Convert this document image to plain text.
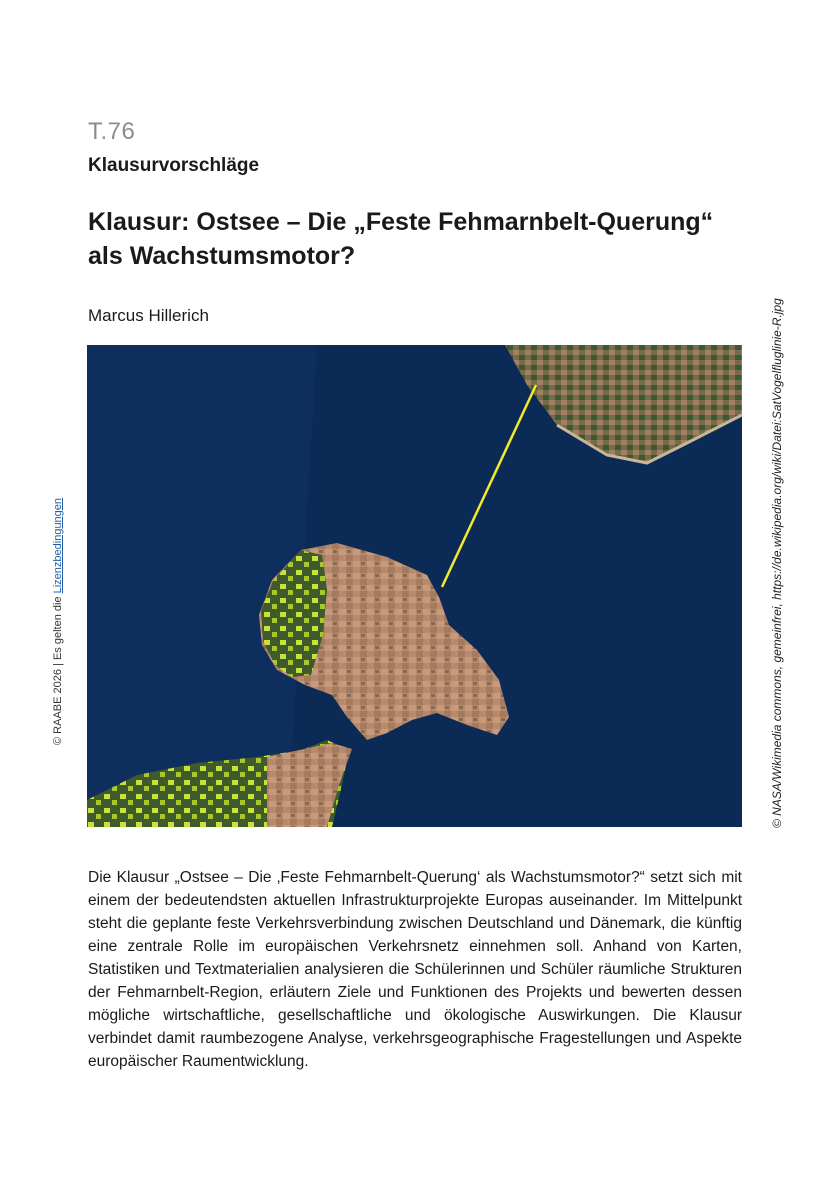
T.76
Klausurvorschläge
Klausur: Ostsee – Die „Feste Fehmarnbelt-Querung“ als Wachstumsmotor?
Marcus Hillerich

Die Klausur „Ostsee – Die ‚Feste Fehmarnbelt-Querung‘ als Wachstumsmotor?“ setzt sich mit einem der bedeutendsten aktuellen Infrastrukturprojekte Europas auseinander. Im Mittelpunkt steht die geplante feste Verkehrsverbindung zwischen Deutschland und Dänemark, die künftig eine zentrale Rolle im europäischen Verkehrsnetz einnehmen soll. Anhand von Karten, Statistiken und Textmaterialien analysieren die Schülerinnen und Schüler räumliche Strukturen der Fehmarnbelt-Region, erläutern Ziele und Funktionen des Projekts und bewerten dessen mögliche wirtschaftliche, gesellschaftliche und ökologische Auswirkungen. Die Klausur verbindet damit raumbezogene Analyse, verkehrsgeographische Fragestellungen und Aspekte europäischer Raumentwicklung.

© RAABE 2026 | Es gelten die Lizenzbedingungen	© NASA/Wikimedia commons, gemeinfrei, https://de.wikipedia.org/wiki/Datei:SatVogelfluglinie-R.jpg
